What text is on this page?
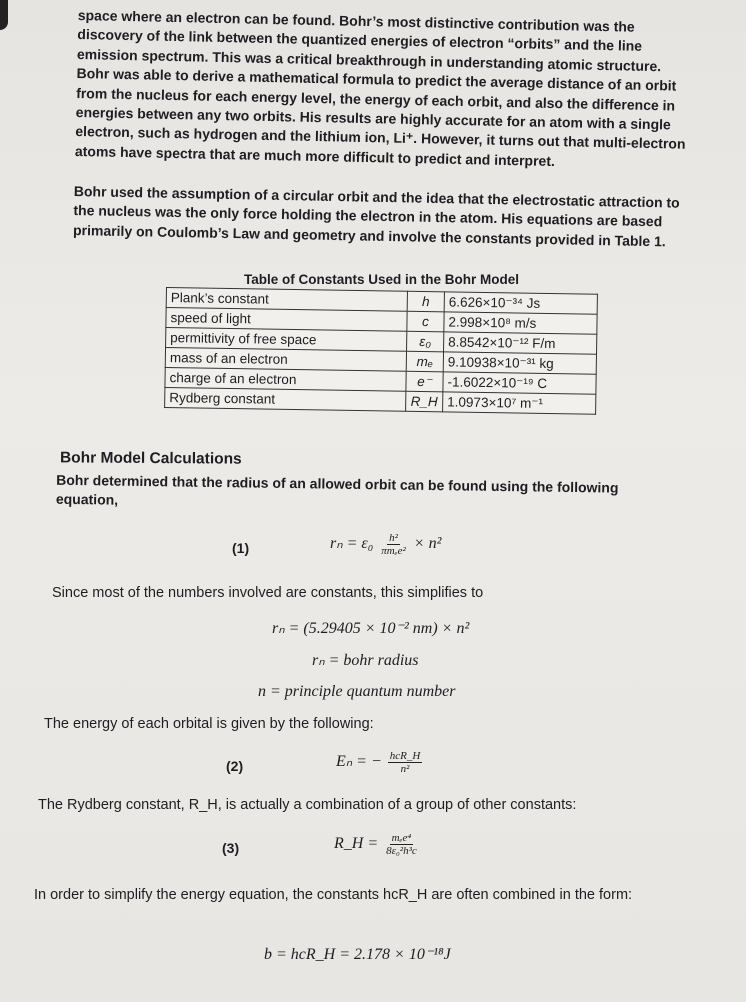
space where an electron can be found. Bohr’s most distinctive contribution was the discovery of the link between the quantized energies of electron “orbits” and the line emission spectrum. This was a critical breakthrough in understanding atomic structure. Bohr was able to derive a mathematical formula to predict the average distance of an orbit from the nucleus for each energy level, the energy of each orbit, and also the difference in energies between any two orbits. His results are highly accurate for an atom with a single electron, such as hydrogen and the lithium ion, Li⁺. However, it turns out that multi-electron atoms have spectra that are much more difficult to predict and interpret.

Bohr used the assumption of a circular orbit and the idea that the electrostatic attraction to the nucleus was the only force holding the electron in the atom. His equations are based primarily on Coulomb’s Law and geometry and involve the constants provided in Table 1.

Table of Constants Used in the Bohr Model
Plank’s constant	h	6.626×10⁻³⁴ Js
speed of light	c	2.998×10⁸ m/s
permittivity of free space	ε₀	8.8542×10⁻¹² F/m
mass of an electron	mₑ	9.10938×10⁻³¹ kg
charge of an electron	e⁻	-1.6022×10⁻¹⁹ C
Rydberg constant	R_H	1.0973×10⁷ m⁻¹
Bohr Model Calculations

Bohr determined that the radius of an allowed orbit can be found using the following equation,

(1)	$r_n = \varepsilon_0 \frac{\text{h²}}{\text{πmₑe²}} \times n^2$
Since most of the numbers involved are constants, this simplifies to
rₙ = (5.29405 × 10⁻² nm) × n²
rₙ = bohr radius
n = principle quantum number
The energy of each orbital is given by the following:
(2)	Eₙ = − $\frac{\text{hcR\_H}}{\text{n²}}$
The Rydberg constant, R_H, is actually a combination of a group of other constants:
(3)	R_H = $\frac{\text{mₑe⁴}}{\text{8ε₀²h³c}}$
In order to simplify the energy equation, the constants hcR_H are often combined in the form:
b = hcR_H = 2.178 × 10⁻¹⁸J
